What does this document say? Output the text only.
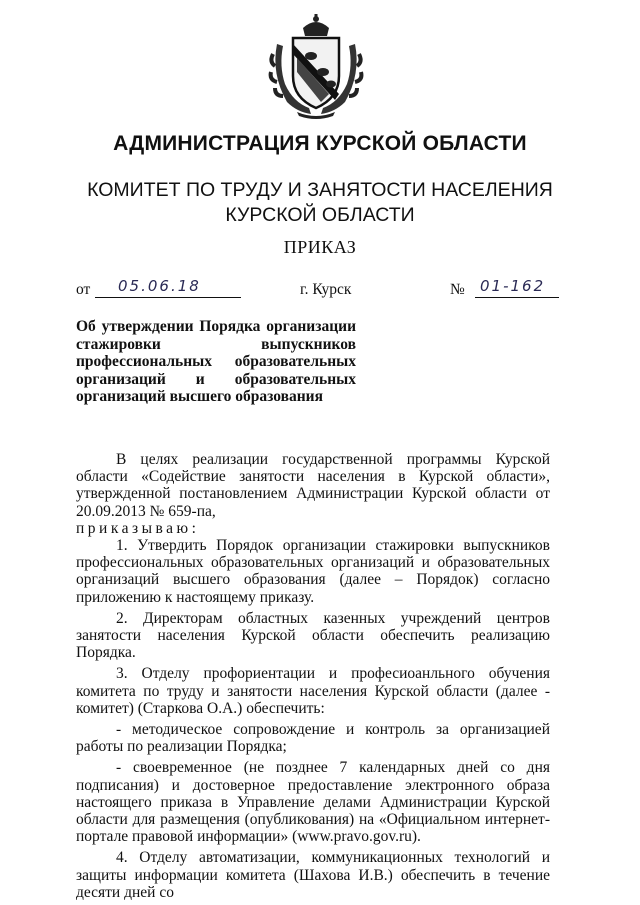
АДМИНИСТРАЦИЯ КУРСКОЙ ОБЛАСТИ
КОМИТЕТ ПО ТРУДУ И ЗАНЯТОСТИ НАСЕЛЕНИЯ
КУРСКОЙ ОБЛАСТИ
ПРИКАЗ
от 05.06.18	г. Курск	№ 01-162
Об утверждении Порядка организации
стажировки выпускников
профессиональных образовательных
организаций и образовательных
организаций высшего образования

В целях реализации государственной программы Курской области «Содействие занятости населения в Курской области», утвержденной постановлением Администрации Курской области от 20.09.2013 № 659-па,

приказываю:

1. Утвердить Порядок организации стажировки выпускников профессиональных образовательных организаций и образовательных организаций высшего образования (далее – Порядок) согласно приложению к настоящему приказу.

2. Директорам областных казенных учреждений центров занятости населения Курской области обеспечить реализацию Порядка.

3. Отделу профориентации и професиоанльного обучения комитета по труду и занятости населения Курской области (далее - комитет) (Старкова О.А.) обеспечить:

- методическое сопровождение и контроль за организацией работы по реализации Порядка;

- своевременное (не позднее 7 календарных дней со дня подписания) и достоверное предоставление электронного образа настоящего приказа в Управление делами Администрации Курской области для размещения (опубликования) на «Официальном интернет-портале правовой информации» (www.pravo.gov.ru).

4. Отделу автоматизации, коммуникационных технологий и защиты информации комитета (Шахова И.В.) обеспечить в течение десяти дней со
